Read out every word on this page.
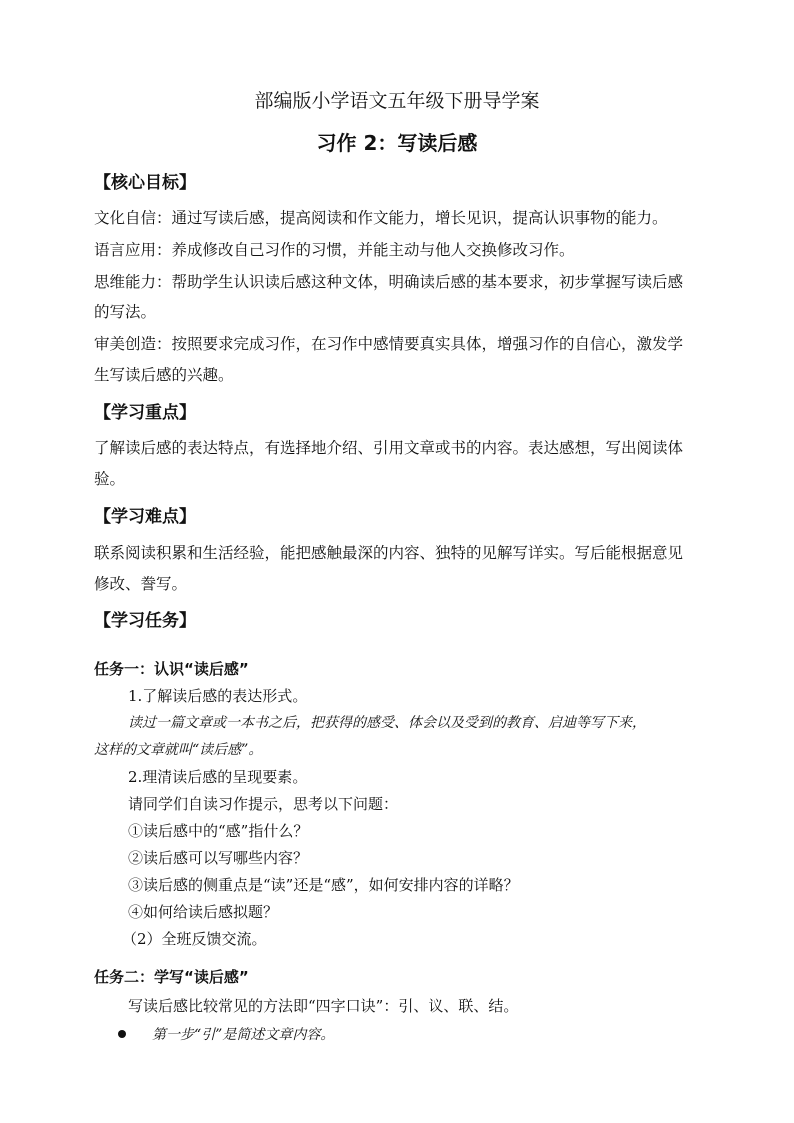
部编版小学语文五年级下册导学案
习作 2：写读后感
【核心目标】
文化自信：通过写读后感，提高阅读和作文能力，增长见识，提高认识事物的能力。
语言应用：养成修改自己习作的习惯，并能主动与他人交换修改习作。
思维能力：帮助学生认识读后感这种文体，明确读后感的基本要求，初步掌握写读后感
的写法。
审美创造：按照要求完成习作，在习作中感情要真实具体，增强习作的自信心，激发学
生写读后感的兴趣。
【学习重点】
了解读后感的表达特点，有选择地介绍、引用文章或书的内容。表达感想，写出阅读体
验。
【学习难点】
联系阅读积累和生活经验，能把感触最深的内容、独特的见解写详实。写后能根据意见
修改、誊写。
【学习任务】
任务一：认识“读后感”
1.了解读后感的表达形式。
读过一篇文章或一本书之后，把获得的感受、体会以及受到的教育、启迪等写下来，
这样的文章就叫“读后感”。
2.理清读后感的呈现要素。
请同学们自读习作提示，思考以下问题：
①读后感中的“感”指什么？
②读后感可以写哪些内容？
③读后感的侧重点是“读”还是“感”，如何安排内容的详略？
④如何给读后感拟题？
（2）全班反馈交流。
任务二：学写“读后感”
写读后感比较常见的方法即“四字口诀”：引、议、联、结。
第一步“引”是简述文章内容。
